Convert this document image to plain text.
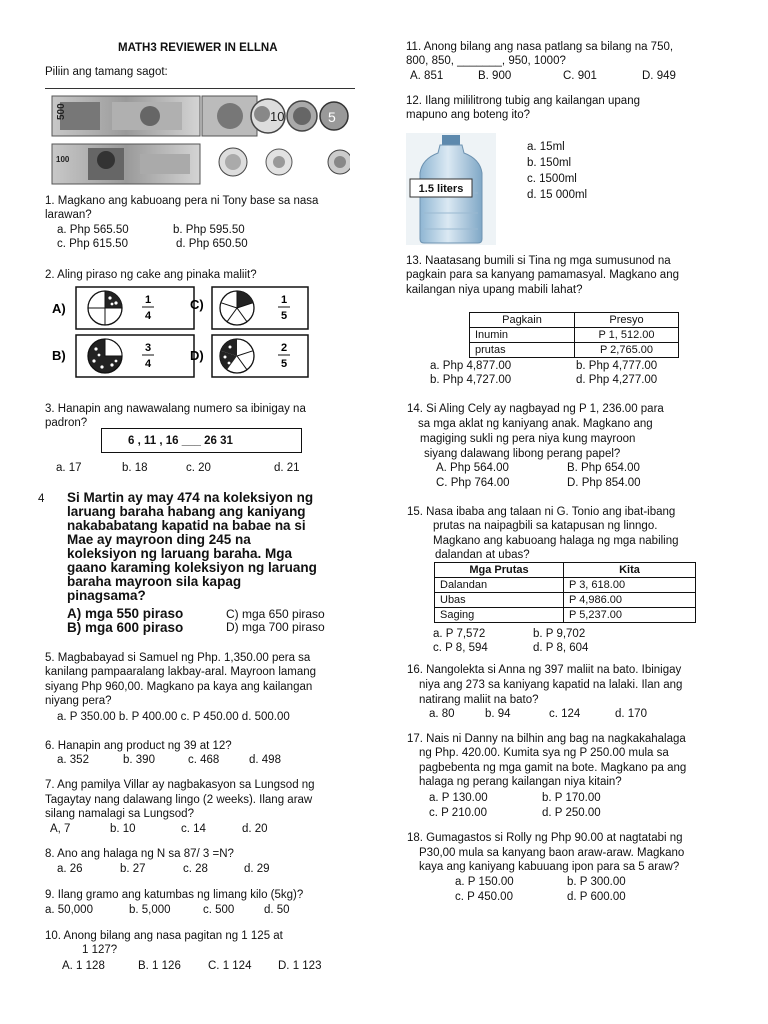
MATH3 REVIEWER IN ELLNA
Piliin ang tamang sagot:
500
100
10	5
1. Magkano ang kabuoang pera ni Tony base sa nasa
larawan?
a. Php 565.50	b. Php 595.50
c. Php 615.50	d. Php 650.50
2. Aling piraso ng cake ang pinaka maliit?
A)
1
4
B)	3
4
C)	1
5
D)	2
5
3. Hanapin ang nawawalang numero sa ibinigay na
padron?
6 , 11 , 16 ___ 26 31
a. 17	b. 18	c. 20	d. 21
4 Si Martin ay may 474 na koleksiyon ng
laruang baraha habang ang kaniyang
nakababatang kapatid na babae na si
Mae ay mayroon ding 245 na
koleksiyon ng laruang baraha. Mga
gaano karaming koleksiyon ng laruang
baraha mayroon sila kapag
pinagsama?
A) mga 550 piraso
B) mga 600 piraso
C) mga 650 piraso
D) mga 700 piraso
5. Magbabayad si Samuel ng Php. 1,350.00 pera sa
kanilang pampaaralang lakbay-aral. Mayroon lamang
siyang Php 960,00. Magkano pa kaya ang kailangan
niyang pera?
a. P 350.00 b. P 400.00 c. P 450.00 d. 500.00
6. Hanapin ang product ng 39 at 12?
a. 352	b. 390	c. 468	d. 498
7. Ang pamilya Villar ay nagbakasyon sa Lungsod ng
Tagaytay nang dalawang lingo (2 weeks). Ilang araw
silang namalagi sa Lungsod?
A, 7	b. 10	c. 14	d. 20
8. Ano ang halaga ng N sa 87/ 3 =N?
a. 26	b. 27	c. 28	d. 29
9. Ilang gramo ang katumbas ng limang kilo (5kg)?
a. 50,000	b. 5,000	c. 500	d. 50
10. Anong bilang ang nasa pagitan ng 1 125 at
1 127?
A. 1 128	B. 1 126 C. 1 124 D. 1 123
11. Anong bilang ang nasa patlang sa bilang na 750,
800, 850, _______, 950, 1000?
A. 851	B. 900	C. 901	D. 949
12. Ilang mililitrong tubig ang kailangan upang
mapuno ang boteng ito?
1.5 liters
a. 15ml
b. 150ml
c. 1500ml
d. 15 000ml
13. Naatasang bumili si Tina ng mga sumusunod na
pagkain para sa kanyang pamamasyal. Magkano ang
kailangan niya upang mabili lahat?
Pagkain	Presyo
Inumin	P 1, 512.00
prutas	P 2,765.00
a. Php 4,877.00	b. Php 4,777.00
b. Php 4,727.00	d. Php 4,277.00
14. Si Aling Cely ay nagbayad ng P 1, 236.00 para
sa mga aklat ng kaniyang anak. Magkano ang
magiging sukli ng pera niya kung mayroon
siyang dalawang libong perang papel?
A. Php 564.00	B. Php 654.00
C. Php 764.00	D. Php 854.00
15. Nasa ibaba ang talaan ni G. Tonio ang ibat-ibang
prutas na naipagbili sa katapusan ng linngo.
Magkano ang kabuoang halaga ng mga nabiling
dalandan at ubas?
Mga Prutas	Kita
Dalandan	P 3, 618.00
Ubas	P 4,986.00
Saging	P 5,237.00
a. P 7,572	b. P 9,702
c. P 8, 594	d. P 8, 604
16. Nangolekta si Anna ng 397 maliit na bato. Ibinigay
niya ang 273 sa kaniyang kapatid na lalaki. Ilan ang
natirang maliit na bato?
a. 80	b. 94	c. 124	d. 170
17. Nais ni Danny na bilhin ang bag na nagkakahalaga
ng Php. 420.00. Kumita sya ng P 250.00 mula sa
pagbebenta ng mga gamit na bote. Magkano pa ang
halaga ng perang kailangan niya kitain?
a. P 130.00	b. P 170.00
c. P 210.00	d. P 250.00
18. Gumagastos si Rolly ng Php 90.00 at nagtatabi ng
P30,00 mula sa kanyang baon araw-araw. Magkano
kaya ang kaniyang kabuuang ipon para sa 5 araw?
a. P 150.00	b. P 300.00
c. P 450.00	d. P 600.00
